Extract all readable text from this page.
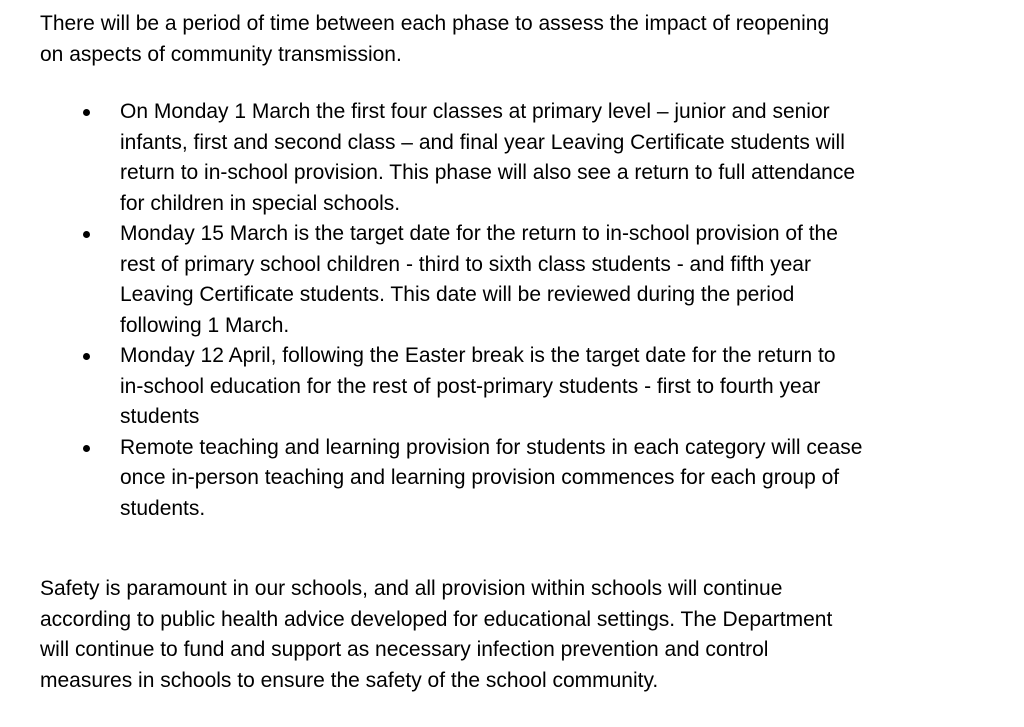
There will be a period of time between each phase to assess the impact of reopening
on aspects of community transmission.

On Monday 1 March the first four classes at primary level – junior and senior
infants, first and second class – and final year Leaving Certificate students will
return to in-school provision. This phase will also see a return to full attendance
for children in special schools.
Monday 15 March is the target date for the return to in-school provision of the
rest of primary school children - third to sixth class students - and fifth year
Leaving Certificate students. This date will be reviewed during the period
following 1 March.
Monday 12 April, following the Easter break is the target date for the return to
in-school education for the rest of post-primary students - first to fourth year
students
Remote teaching and learning provision for students in each category will cease
once in-person teaching and learning provision commences for each group of
students.

Safety is paramount in our schools, and all provision within schools will continue
according to public health advice developed for educational settings. The Department
will continue to fund and support as necessary infection prevention and control
measures in schools to ensure the safety of the school community.
